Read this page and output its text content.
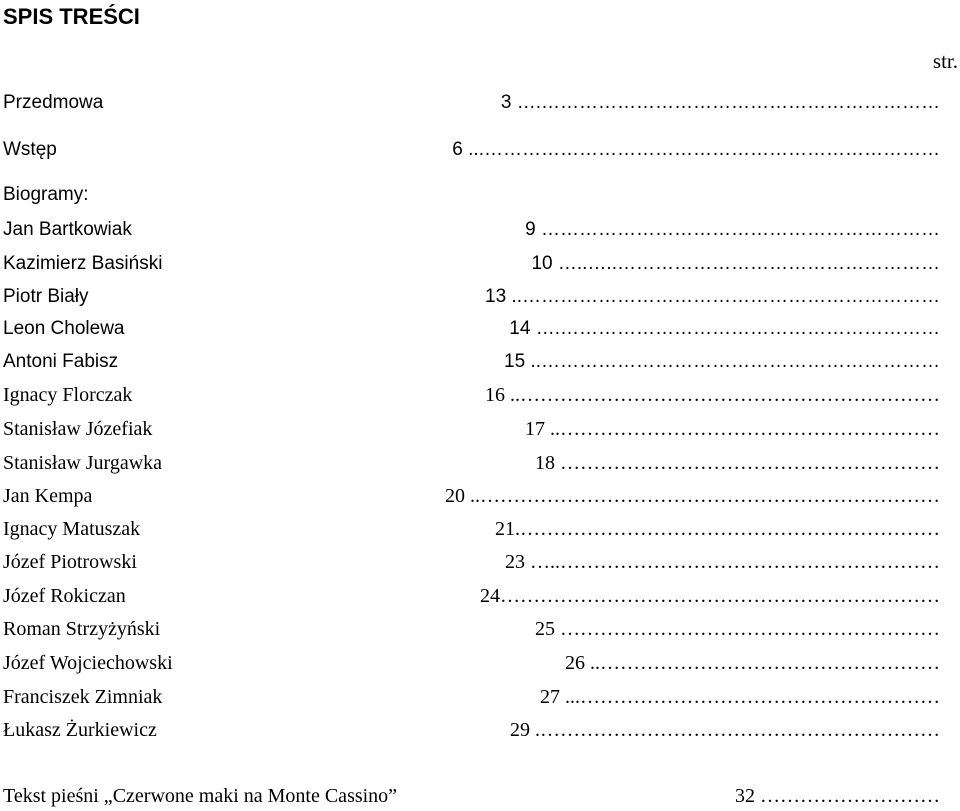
SPIS TREŚCI
str.
Przedmowa	……………………………………………………….… 3
Wstęp	………………………………………………………………... 6
Biogramy:
Jan Bartkowiak	……………………………………………………… 9
Kazimierz Basiński	……………………………………………..…..… 10
Piotr Biały	………………………………………………………….. 13
Leon Cholewa	…………………………………………………….… 14
Antoni Fabisz	……………………………………………………….. 15
Ignacy Florczak	……………………………………………………….. 16
Stanisław Józefiak	………………………………………………….. 17
Stanisław Jurgawka	………………………………………………… 18
Jan Kempa	…………………………………………………………….. 20
Ignacy Matuszak	……………………………………………………….21
Józef Piotrowski	…………………………………………………..… 23
Józef Rokiczan	…………………………………………………………24
Roman Strzyżyński	………………………………………………… 25
Józef Wojciechowski	…………………………………………….. 26
Franciszek Zimniak	………………………………………………... 27
Łukasz Żurkiewicz	……………………………………………………. 29
Tekst pieśni „Czerwone maki na Monte Cassino”	……………………… 32
